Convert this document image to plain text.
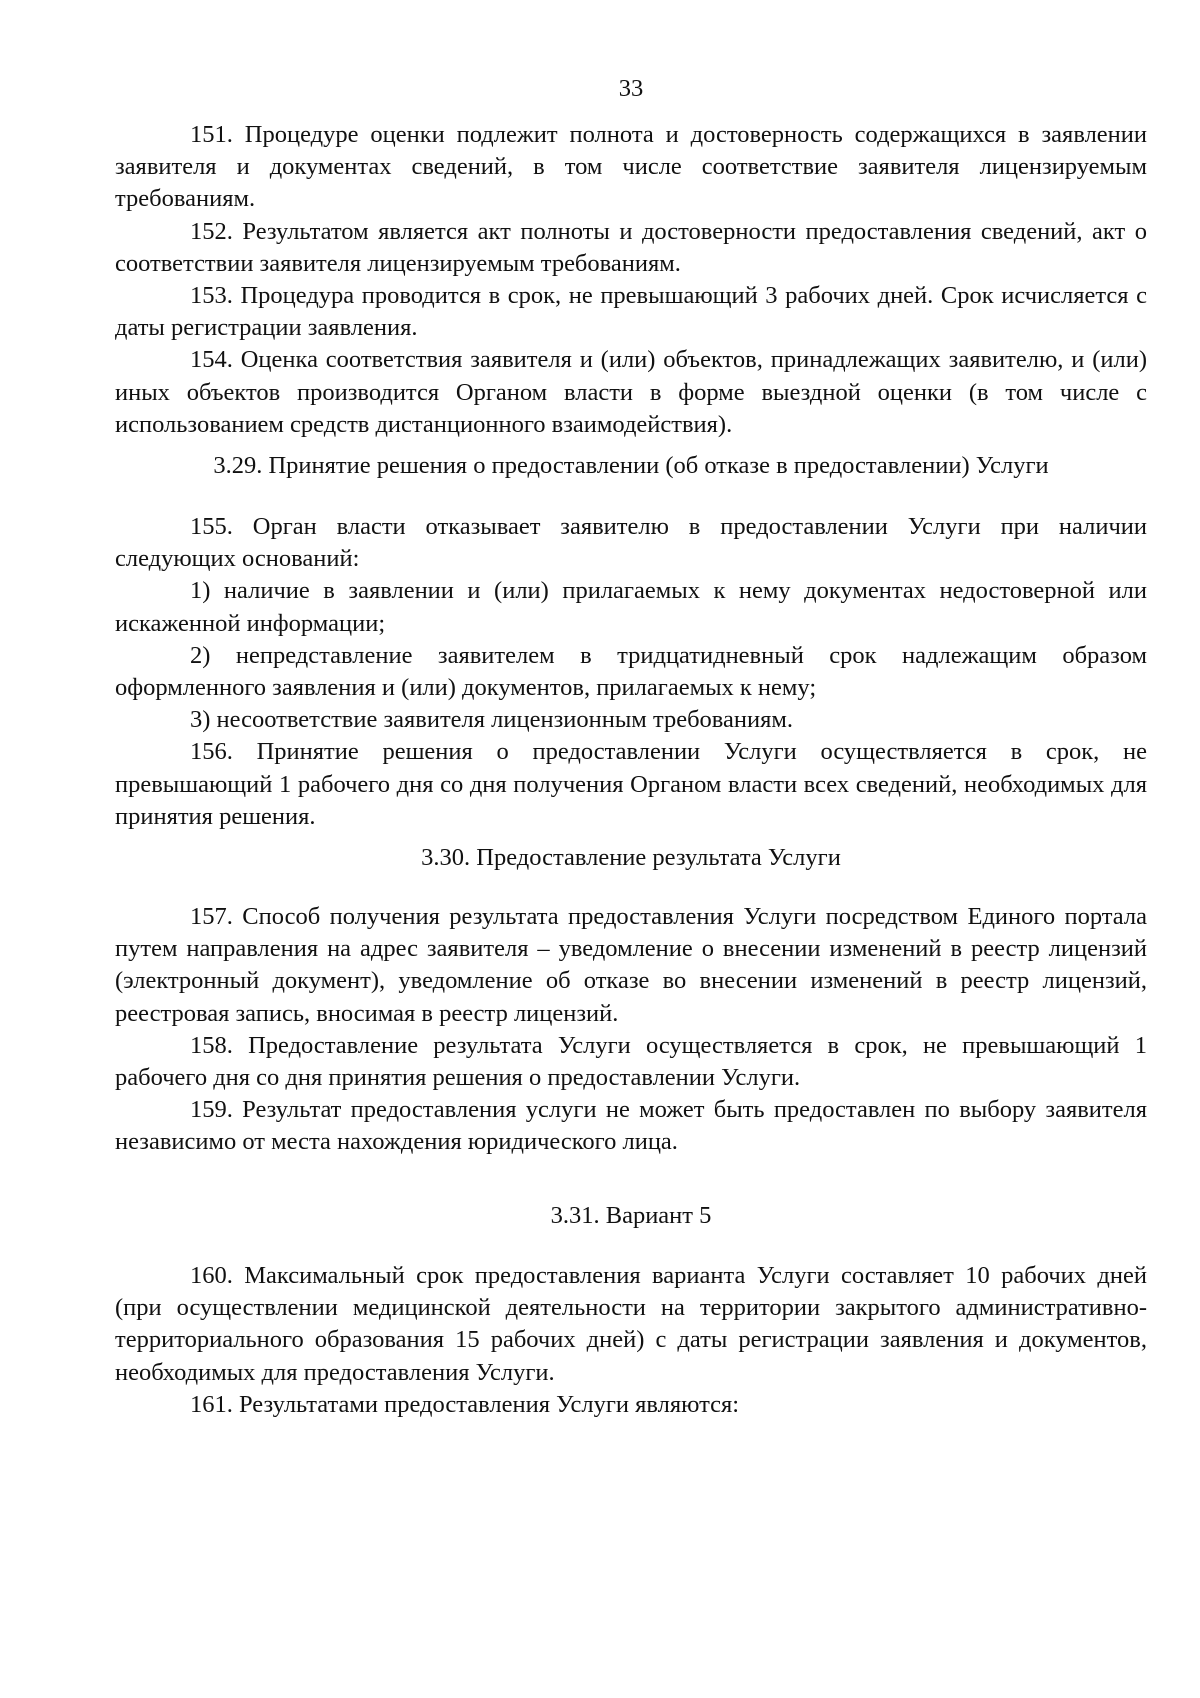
33

151. Процедуре оценки подлежит полнота и достоверность содержащихся в заявлении заявителя и документах сведений, в том числе соответствие заявителя лицензируемым требованиям.

152. Результатом является акт полноты и достоверности предоставления сведений, акт о соответствии заявителя лицензируемым требованиям.

153. Процедура проводится в срок, не превышающий 3 рабочих дней. Срок исчисляется с даты регистрации заявления.

154. Оценка соответствия заявителя и (или) объектов, принадлежащих заявителю, и (или) иных объектов производится Органом власти в форме выездной оценки (в том числе с использованием средств дистанционного взаимодействия).

3.29. Принятие решения о предоставлении (об отказе в предоставлении) Услуги

155. Орган власти отказывает заявителю в предоставлении Услуги при наличии следующих оснований:

1) наличие в заявлении и (или) прилагаемых к нему документах недостоверной или искаженной информации;

2) непредставление заявителем в тридцатидневный срок надлежащим образом оформленного заявления и (или) документов, прилагаемых к нему;

3) несоответствие заявителя лицензионным требованиям.

156. Принятие решения о предоставлении Услуги осуществляется в срок, не превышающий 1 рабочего дня со дня получения Органом власти всех сведений, необходимых для принятия решения.

3.30. Предоставление результата Услуги

157. Способ получения результата предоставления Услуги посредством Единого портала путем направления на адрес заявителя – уведомление о внесении изменений в реестр лицензий (электронный документ), уведомление об отказе во внесении изменений в реестр лицензий, реестровая запись, вносимая в реестр лицензий.

158. Предоставление результата Услуги осуществляется в срок, не превышающий 1 рабочего дня со дня принятия решения о предоставлении Услуги.

159. Результат предоставления услуги не может быть предоставлен по выбору заявителя независимо от места нахождения юридического лица.

3.31. Вариант 5

160. Максимальный срок предоставления варианта Услуги составляет 10 рабочих дней (при осуществлении медицинской деятельности на территории закрытого административно-территориального образования 15 рабочих дней) с даты регистрации заявления и документов, необходимых для предоставления Услуги.

161. Результатами предоставления Услуги являются:
